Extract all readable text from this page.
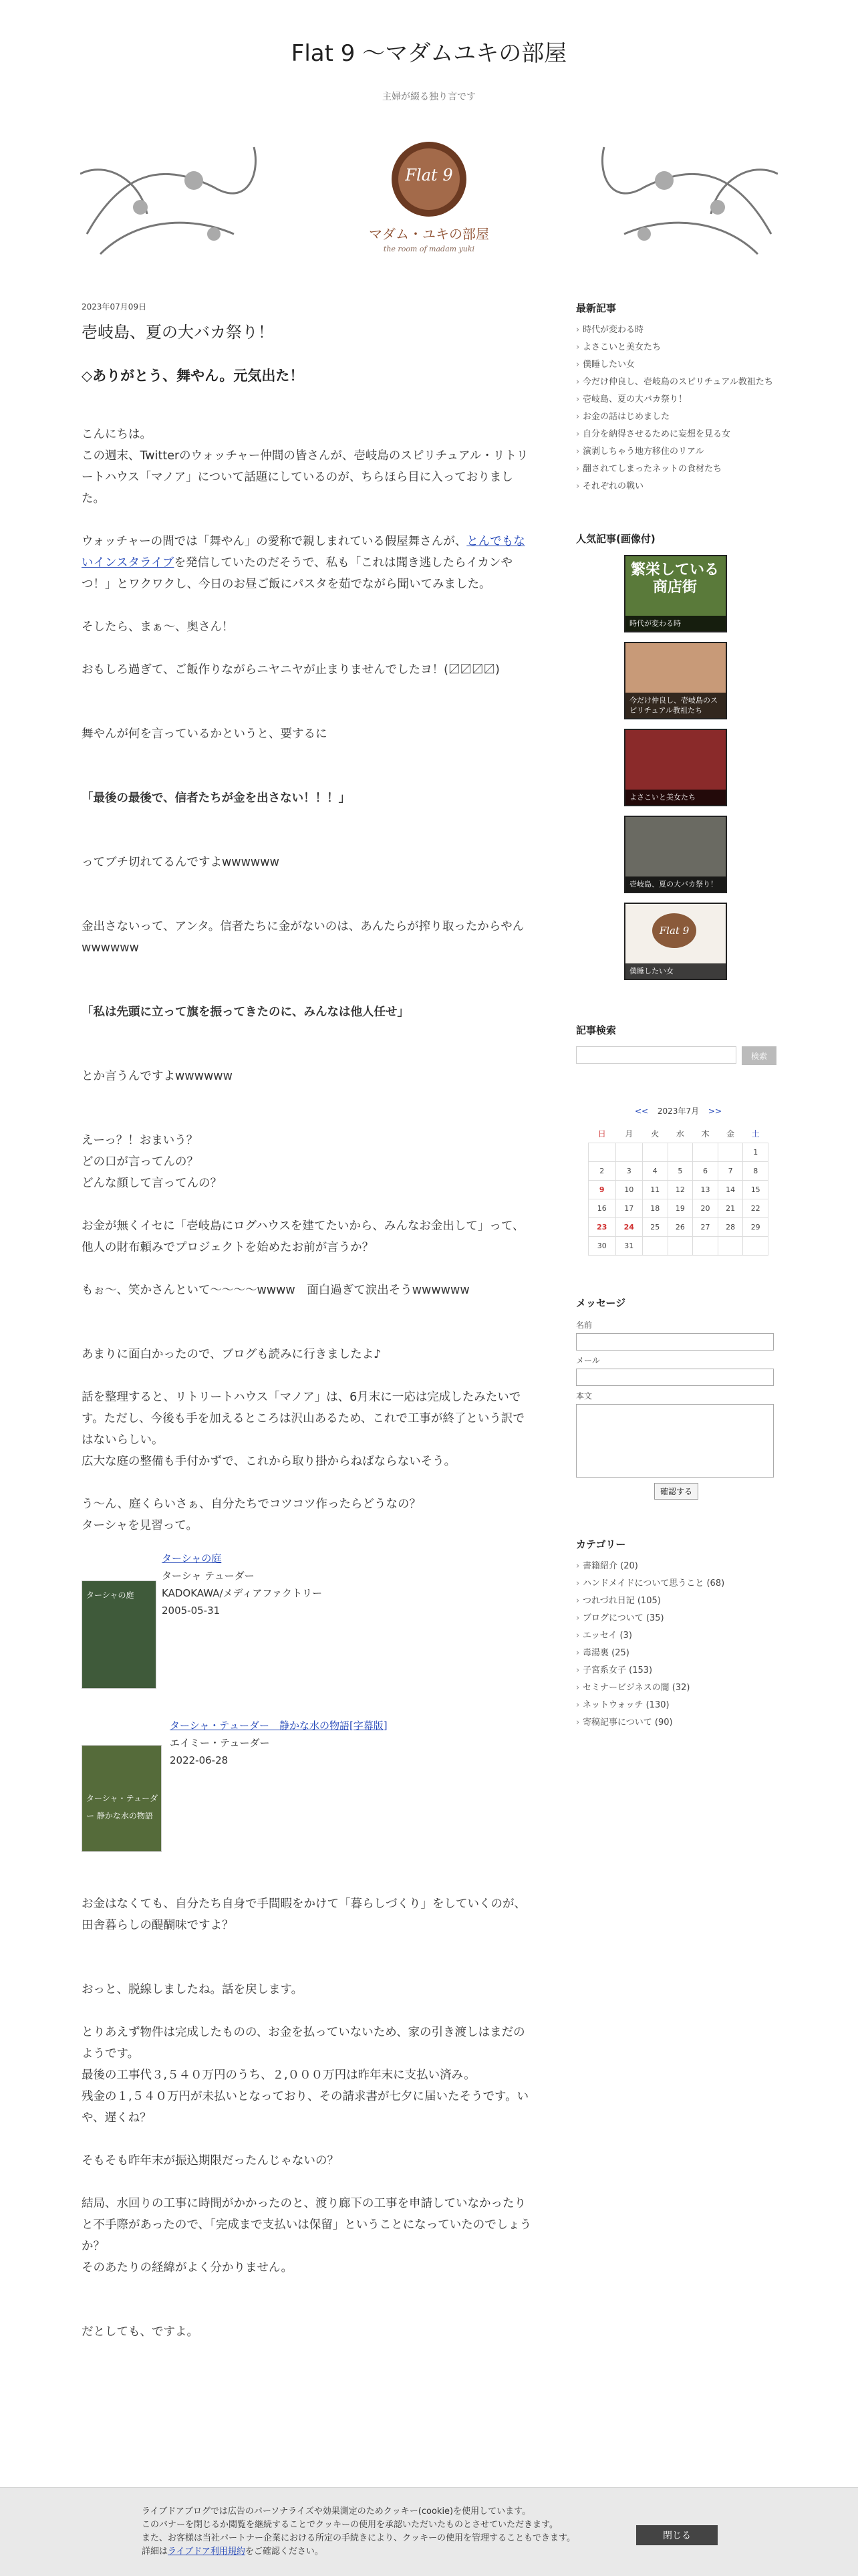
Flat 9 〜マダムユキの部屋
主婦が綴る独り言です
Flat 9
マダム・ユキの部屋
the room of madam yuki
2023年07月09日
壱岐島、夏の大バカ祭り！
◇ありがとう、舞やん。元気出た！

こんにちは。

この週末、Twitterのウォッチャー仲間の皆さんが、壱岐島のスピリチュアル・リトリートハウス「マノア」について話題にしているのが、ちらほら目に入っておりました。

ウォッチャーの間では「舞やん」の愛称で親しまれている假屋舞さんが、とんでもないインスタライブを発信していたのだそうで、私も「これは聞き逃したらイカンやつ！」とワクワクし、今日のお昼ご飯にパスタを茹でながら聞いてみました。

そしたら、まぁ〜、奥さん！

おもしろ過ぎて、ご飯作りながらニヤニヤが止まりませんでしたヨ！(〼〼〼〼)

舞やんが何を言っているかというと、要するに

「最後の最後で、信者たちが金を出さない！！！」

ってブチ切れてるんですよwwwwww

金出さないって、アンタ。信者たちに金がないのは、あんたらが搾り取ったからやんwwwwww

「私は先頭に立って旗を振ってきたのに、みんなは他人任せ」

とか言うんですよwwwwww

えーっ？！おまいう？

どの口が言ってんの？

どんな顔して言ってんの？

お金が無くイセに「壱岐島にログハウスを建てたいから、みんなお金出して」って、他人の財布頼みでプロジェクトを始めたお前が言うか？

もぉ〜、笑かさんといて〜〜〜〜wwww　面白過ぎて涙出そうwwwwww

あまりに面白かったので、ブログも読みに行きましたよ♪

話を整理すると、リトリートハウス「マノア」は、6月末に一応は完成したみたいです。ただし、今後も手を加えるところは沢山あるため、これで工事が終了という訳ではないらしい。

広大な庭の整備も手付かずで、これから取り掛からねばならないそう。

う〜ん、庭くらいさぁ、自分たちでコツコツ作ったらどうなの？

ターシャを見習って。

ターシャの庭
ターシャの庭
ターシャ テューダー
KADOKAWA/メディアファクトリー
2005-05-31
ターシャ・テューダー 静かな水の物語
ターシャ・テューダー　静かな水の物語[字幕版]
エイミー・テューダー
2022-06-28

お金はなくても、自分たち自身で手間暇をかけて「暮らしづくり」をしていくのが、田舎暮らしの醍醐味ですよ？

おっと、脱線しましたね。話を戻します。

とりあえず物件は完成したものの、お金を払っていないため、家の引き渡しはまだのようです。

最後の工事代３,５４０万円のうち、２,０００万円は昨年末に支払い済み。

残金の１,５４０万円が未払いとなっており、その請求書が七夕に届いたそうです。いや、遅くね？

そもそも昨年末が振込期限だったんじゃないの？

結局、水回りの工事に時間がかかったのと、渡り廊下の工事を申請していなかったりと不手際があったので、「完成まで支払いは保留」ということになっていたのでしょうか？

そのあたりの経緯がよく分かりません。

だとしても、ですよ。

最新記事
› 時代が変わる時
› よさこいと美女たち
› 僕睡したい女
› 今だけ仲良し、壱岐島のスピリチュアル教祖たち
› 壱岐島、夏の大バカ祭り！
› お金の話はじめました
› 自分を納得させるために妄想を見る女
› 演剥しちゃう地方移住のリアル
› 翻されてしまったネットの食材たち
› それぞれの戦い
人気記事(画像付)
繁栄している商店街
時代が変わる時
今だけ仲良し、壱岐島のスピリチュアル教祖たち
よさこいと美女たち
壱岐島、夏の大バカ祭り！
Flat 9
僕睡したい女
記事検索
検索
<< 2023年7月 >>
日	月	火	水	木	金	土
						1
2	3	4	5	6	7	8
9	10	11	12	13	14	15
16	17	18	19	20	21	22
23	24	25	26	27	28	29
30	31					
メッセージ
名前
メール
本文
確認する
カテゴリー
› 書籍紹介 (20)
› ハンドメイドについて思うこと (68)
› つれづれ日記 (105)
› ブログについて (35)
› エッセイ (3)
› 毒湯裏 (25)
› 子宮系女子 (153)
› セミナービジネスの闇 (32)
› ネットウォッチ (130)
› 寄稿記事について (90)
ライブドアブログでは広告のパーソナライズや効果測定のためクッキー(cookie)を使用しています。
このバナーを閉じるか閲覧を継続することでクッキーの使用を承認いただいたものとさせていただきます。
また、お客様は当社パートナー企業における所定の手続きにより、クッキーの使用を管理することもできます。
詳細はライブドア利用規約をご確認ください。
閉じる
